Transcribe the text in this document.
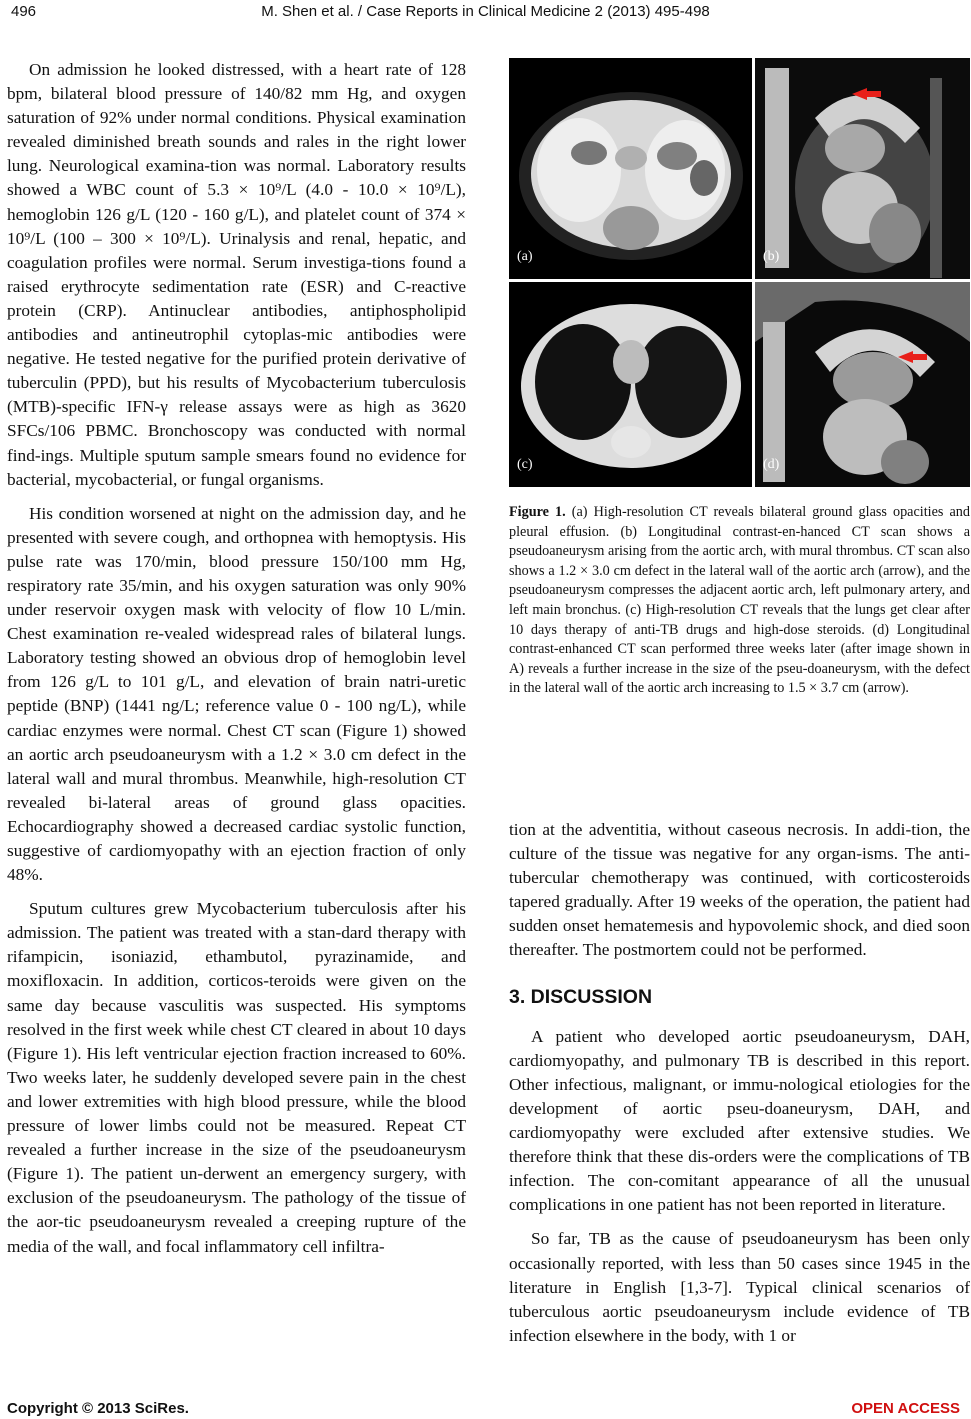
496	M. Shen et al. / Case Reports in Clinical Medicine 2 (2013) 495-498

On admission he looked distressed, with a heart rate of 128 bpm, bilateral blood pressure of 140/82 mm Hg, and oxygen saturation of 92% under normal conditions. Physical examination revealed diminished breath sounds and rales in the right lower lung. Neurological examina-tion was normal. Laboratory results showed a WBC count of 5.3 × 10⁹/L (4.0 - 10.0 × 10⁹/L), hemoglobin 126 g/L (120 - 160 g/L), and platelet count of 374 × 10⁹/L (100 – 300 × 10⁹/L). Urinalysis and renal, hepatic, and coagulation profiles were normal. Serum investiga-tions found a raised erythrocyte sedimentation rate (ESR) and C-reactive protein (CRP). Antinuclear antibodies, antiphospholipid antibodies and antineutrophil cytoplas-mic antibodies were negative. He tested negative for the purified protein derivative of tuberculin (PPD), but his results of Mycobacterium tuberculosis (MTB)-specific IFN-γ release assays were as high as 3620 SFCs/106 PBMC. Bronchoscopy was conducted with normal find-ings. Multiple sputum sample smears found no evidence for bacterial, mycobacterial, or fungal organisms.

His condition worsened at night on the admission day, and he presented with severe cough, and orthopnea with hemoptysis. His pulse rate was 170/min, blood pressure 150/100 mm Hg, respiratory rate 35/min, and his oxygen saturation was only 90% under reservoir oxygen mask with velocity of flow 10 L/min. Chest examination re-vealed widespread rales of bilateral lungs. Laboratory testing showed an obvious drop of hemoglobin level from 126 g/L to 101 g/L, and elevation of brain natri-uretic peptide (BNP) (1441 ng/L; reference value 0 - 100 ng/L), while cardiac enzymes were normal. Chest CT scan (Figure 1) showed an aortic arch pseudoaneurysm with a 1.2 × 3.0 cm defect in the lateral wall and mural thrombus. Meanwhile, high-resolution CT revealed bi-lateral areas of ground glass opacities. Echocardiography showed a decreased cardiac systolic function, suggestive of cardiomyopathy with an ejection fraction of only 48%.

Sputum cultures grew Mycobacterium tuberculosis after his admission. The patient was treated with a stan-dard therapy with rifampicin, isoniazid, ethambutol, pyrazinamide, and moxifloxacin. In addition, corticos-teroids were given on the same day because vasculitis was suspected. His symptoms resolved in the first week while chest CT cleared in about 10 days (Figure 1). His left ventricular ejection fraction increased to 60%. Two weeks later, he suddenly developed severe pain in the chest and lower extremities with high blood pressure, while the blood pressure of lower limbs could not be measured. Repeat CT revealed a further increase in the size of the pseudoaneurysm (Figure 1). The patient un-derwent an emergency surgery, with exclusion of the pseudoaneurysm. The pathology of the tissue of the aor-tic pseudoaneurysm revealed a creeping rupture of the media of the wall, and focal inflammatory cell infiltra-

(a)	(b)
(c)	(d)
Figure 1. (a) High-resolution CT reveals bilateral ground glass opacities and pleural effusion. (b) Longitudinal contrast-en-hanced CT scan shows a pseudoaneurysm arising from the aortic arch, with mural thrombus. CT scan also shows a 1.2 × 3.0 cm defect in the lateral wall of the aortic arch (arrow), and the pseudoaneurysm compresses the adjacent aortic arch, left pulmonary artery, and left main bronchus. (c) High-resolution CT reveals that the lungs get clear after 10 days therapy of anti-TB drugs and high-dose steroids. (d) Longitudinal contrast-enhanced CT scan performed three weeks later (after image shown in A) reveals a further increase in the size of the pseu-doaneurysm, with the defect in the lateral wall of the aortic arch increasing to 1.5 × 3.7 cm (arrow).

tion at the adventitia, without caseous necrosis. In addi-tion, the culture of the tissue was negative for any organ-isms. The anti-tubercular chemotherapy was continued, with corticosteroids tapered gradually. After 19 weeks of the operation, the patient had sudden onset hematemesis and hypovolemic shock, and died soon thereafter. The postmortem could not be performed.

3. DISCUSSION

A patient who developed aortic pseudoaneurysm, DAH, cardiomyopathy, and pulmonary TB is described in this report. Other infectious, malignant, or immu-nological etiologies for the development of aortic pseu-doaneurysm, DAH, and cardiomyopathy were excluded after extensive studies. We therefore think that these dis-orders were the complications of TB infection. The con-comitant appearance of all the unusual complications in one patient has not been reported in literature.

So far, TB as the cause of pseudoaneurysm has been only occasionally reported, with less than 50 cases since 1945 in the literature in English [1,3-7]. Typical clinical scenarios of tuberculous aortic pseudoaneurysm include evidence of TB infection elsewhere in the body, with 1 or

Copyright © 2013 SciRes.	OPEN ACCESS
